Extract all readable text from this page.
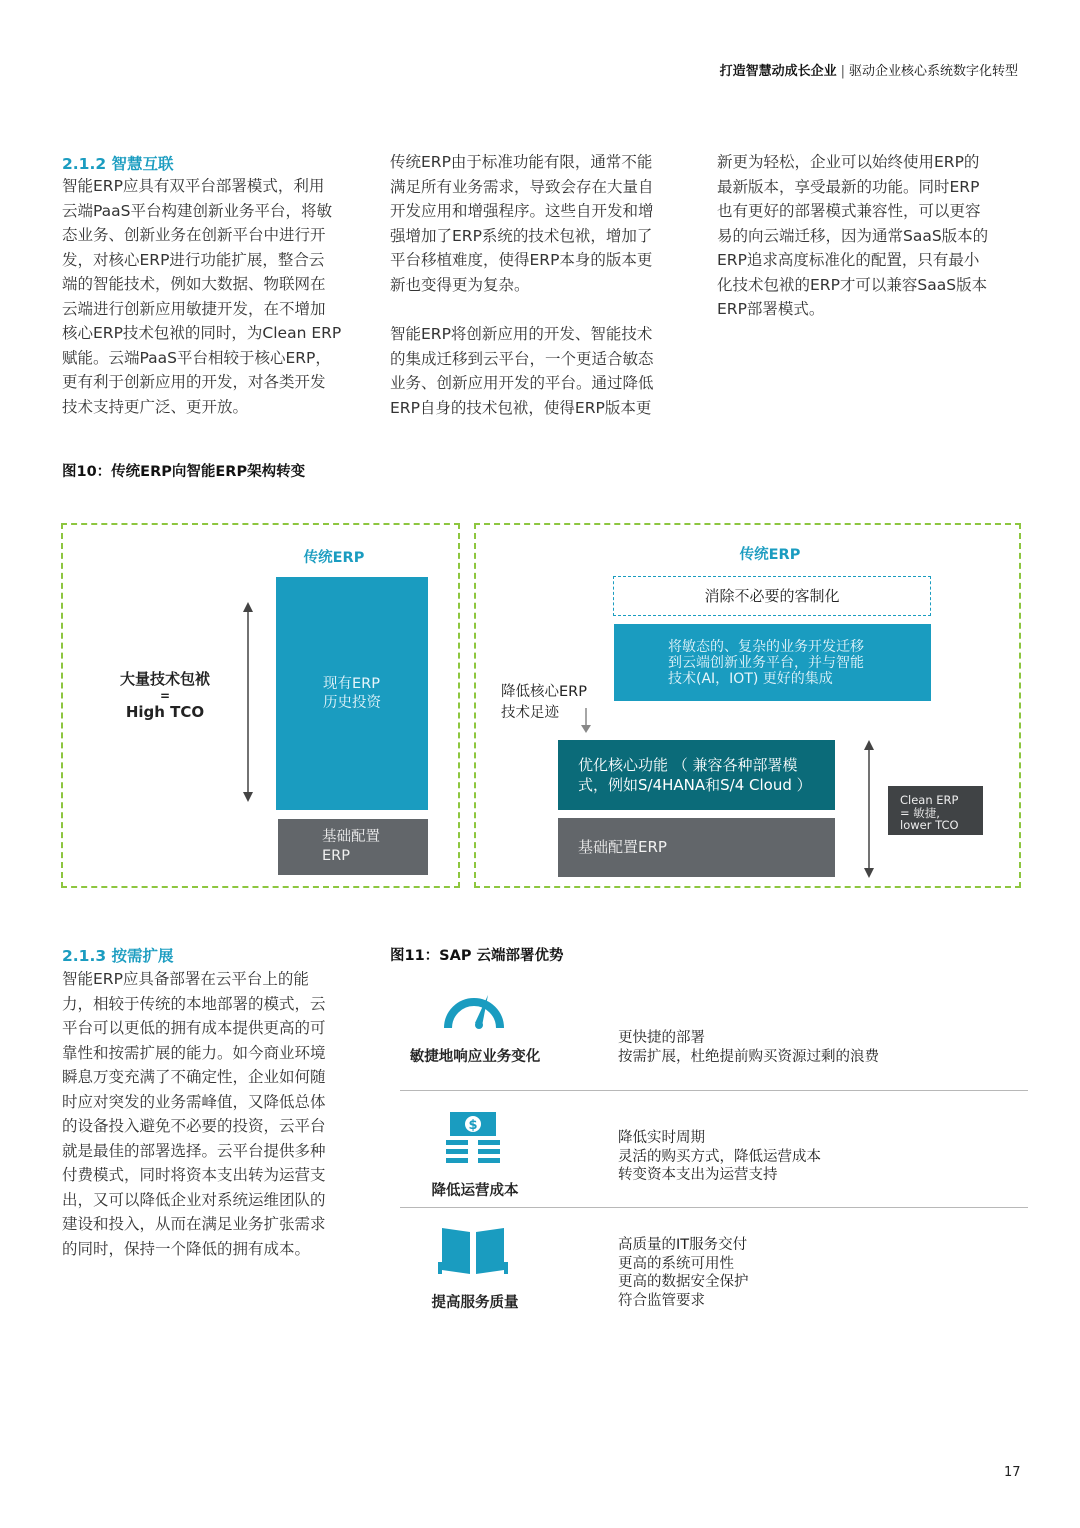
打造智慧动成长企业 | 驱动企业核心系统数字化转型
2.1.2 智慧互联

智能ERP应具有双平台部署模式，利用

云端PaaS平台构建创新业务平台，将敏

态业务、创新业务在创新平台中进行开

发，对核心ERP进行功能扩展，整合云

端的智能技术，例如大数据、物联网在

云端进行创新应用敏捷开发，在不增加

核心ERP技术包袱的同时，为Clean ERP

赋能。云端PaaS平台相较于核心ERP，

更有利于创新应用的开发，对各类开发

技术支持更广泛、更开放。

传统ERP由于标准功能有限，通常不能

满足所有业务需求，导致会存在大量自

开发应用和增强程序。这些自开发和增

强增加了ERP系统的技术包袱，增加了

平台移植难度，使得ERP本身的版本更

新也变得更为复杂。

智能ERP将创新应用的开发、智能技术

的集成迁移到云平台，一个更适合敏态

业务、创新应用开发的平台。通过降低

ERP自身的技术包袱，使得ERP版本更

新更为轻松，企业可以始终使用ERP的

最新版本，享受最新的功能。同时ERP

也有更好的部署模式兼容性，可以更容

易的向云端迁移，因为通常SaaS版本的

ERP追求高度标准化的配置，只有最小

化技术包袱的ERP才可以兼容SaaS版本

ERP部署模式。

图10：传统ERP向智能ERP架构转变
传统ERP
大量技术包袱
=
High TCO
现有ERP
历史投资
基础配置
ERP
传统ERP
消除不必要的客制化
将敏态的、复杂的业务开发迁移
到云端创新业务平台，并与智能
技术(AI，IOT) 更好的集成
降低核心ERP
技术足迹
优化核心功能 （ 兼容各种部署模
式，例如S/4HANA和S/4 Cloud ）
基础配置ERP
Clean ERP
= 敏捷,
lower TCO
2.1.3 按需扩展

智能ERP应具备部署在云平台上的能

力，相较于传统的本地部署的模式，云

平台可以更低的拥有成本提供更高的可

靠性和按需扩展的能力。如今商业环境

瞬息万变充满了不确定性，企业如何随

时应对突发的业务需峰值，又降低总体

的设备投入避免不必要的投资，云平台

就是最佳的部署选择。云平台提供多种

付费模式，同时将资本支出转为运营支

出，又可以降低企业对系统运维团队的

建设和投入，从而在满足业务扩张需求

的同时，保持一个降低的拥有成本。

图11：SAP 云端部署优势
敏捷地响应业务变化
更快捷的部署
按需扩展，杜绝提前购买资源过剩的浪费
$
降低运营成本
降低实时周期
灵活的购买方式，降低运营成本
转变资本支出为运营支持
提高服务质量
高质量的IT服务交付
更高的系统可用性
更高的数据安全保护
符合监管要求
17
